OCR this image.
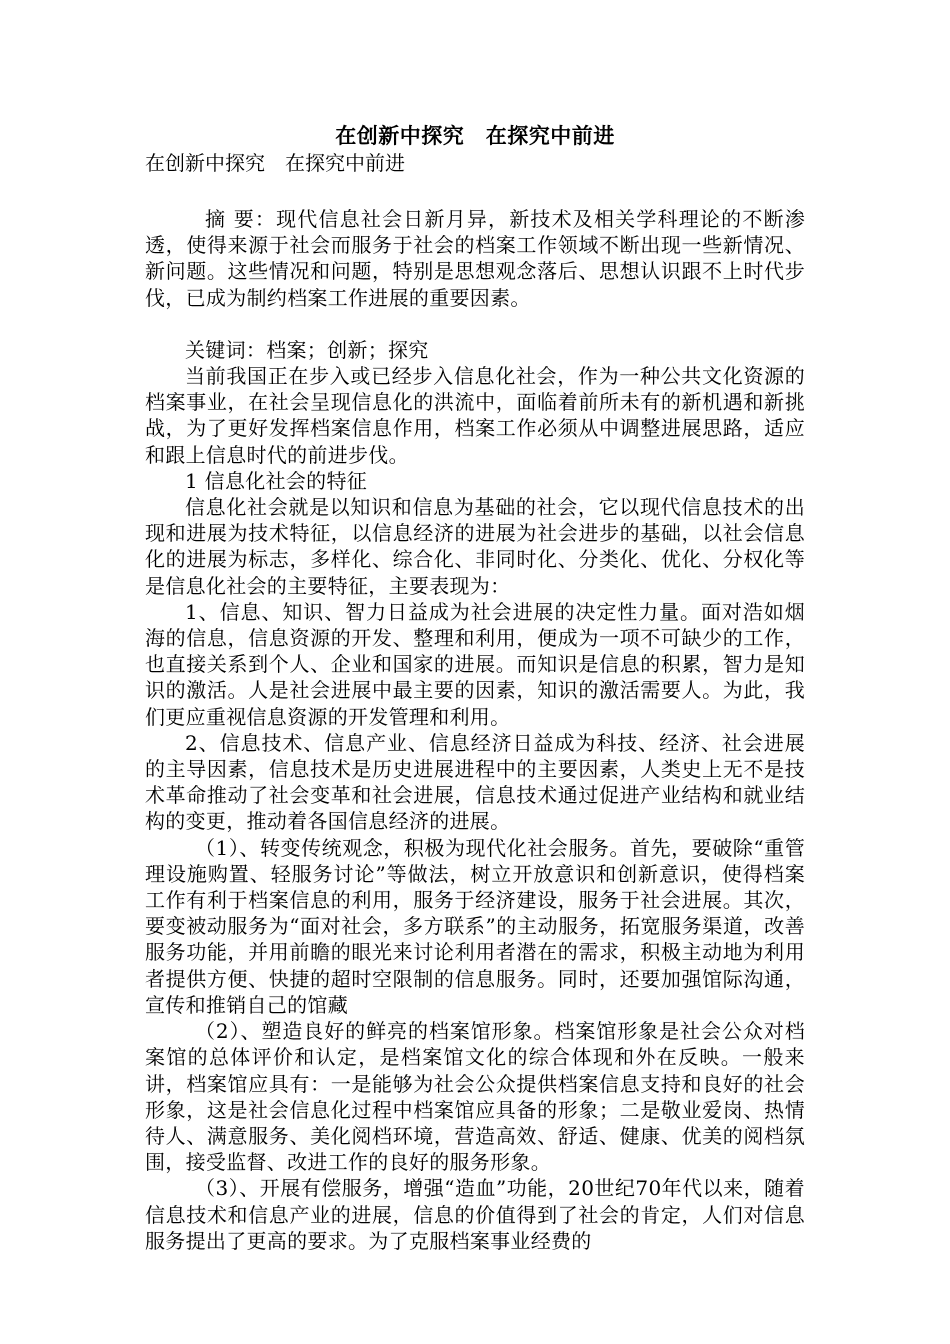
在创新中探究　在探究中前进
在创新中探究　在探究中前进

摘 要：现代信息社会日新月异，新技术及相关学科理论的不断渗透，使得来源于社会而服务于社会的档案工作领域不断出现一些新情况、新问题。这些情况和问题，特别是思想观念落后、思想认识跟不上时代步伐，已成为制约档案工作进展的重要因素。

关键词：档案；创新；探究

当前我国正在步入或已经步入信息化社会，作为一种公共文化资源的档案事业，在社会呈现信息化的洪流中，面临着前所未有的新机遇和新挑战，为了更好发挥档案信息作用，档案工作必须从中调整进展思路，适应和跟上信息时代的前进步伐。

1 信息化社会的特征

信息化社会就是以知识和信息为基础的社会，它以现代信息技术的出现和进展为技术特征，以信息经济的进展为社会进步的基础，以社会信息化的进展为标志，多样化、综合化、非同时化、分类化、优化、分权化等是信息化社会的主要特征，主要表现为：

1、信息、知识、智力日益成为社会进展的决定性力量。面对浩如烟海的信息，信息资源的开发、整理和利用，便成为一项不可缺少的工作，也直接关系到个人、企业和国家的进展。而知识是信息的积累，智力是知识的激活。人是社会进展中最主要的因素，知识的激活需要人。为此，我们更应重视信息资源的开发管理和利用。

2、信息技术、信息产业、信息经济日益成为科技、经济、社会进展的主导因素，信息技术是历史进展进程中的主要因素，人类史上无不是技术革命推动了社会变革和社会进展，信息技术通过促进产业结构和就业结构的变更，推动着各国信息经济的进展。

（1）、转变传统观念，积极为现代化社会服务。首先，要破除“重管理设施购置、轻服务讨论”等做法，树立开放意识和创新意识，使得档案工作有利于档案信息的利用，服务于经济建设，服务于社会进展。其次，要变被动服务为“面对社会，多方联系”的主动服务，拓宽服务渠道，改善服务功能，并用前瞻的眼光来讨论利用者潜在的需求，积极主动地为利用者提供方便、快捷的超时空限制的信息服务。同时，还要加强馆际沟通，宣传和推销自己的馆藏

（2）、塑造良好的鲜亮的档案馆形象。档案馆形象是社会公众对档案馆的总体评价和认定，是档案馆文化的综合体现和外在反映。一般来讲，档案馆应具有：一是能够为社会公众提供档案信息支持和良好的社会形象，这是社会信息化过程中档案馆应具备的形象；二是敬业爱岗、热情待人、满意服务、美化阅档环境，营造高效、舒适、健康、优美的阅档氛围，接受监督、改进工作的良好的服务形象。

（3）、开展有偿服务，增强“造血”功能，20世纪70年代以来，随着信息技术和信息产业的进展，信息的价值得到了社会的肯定，人们对信息服务提出了更高的要求。为了克服档案事业经费的
